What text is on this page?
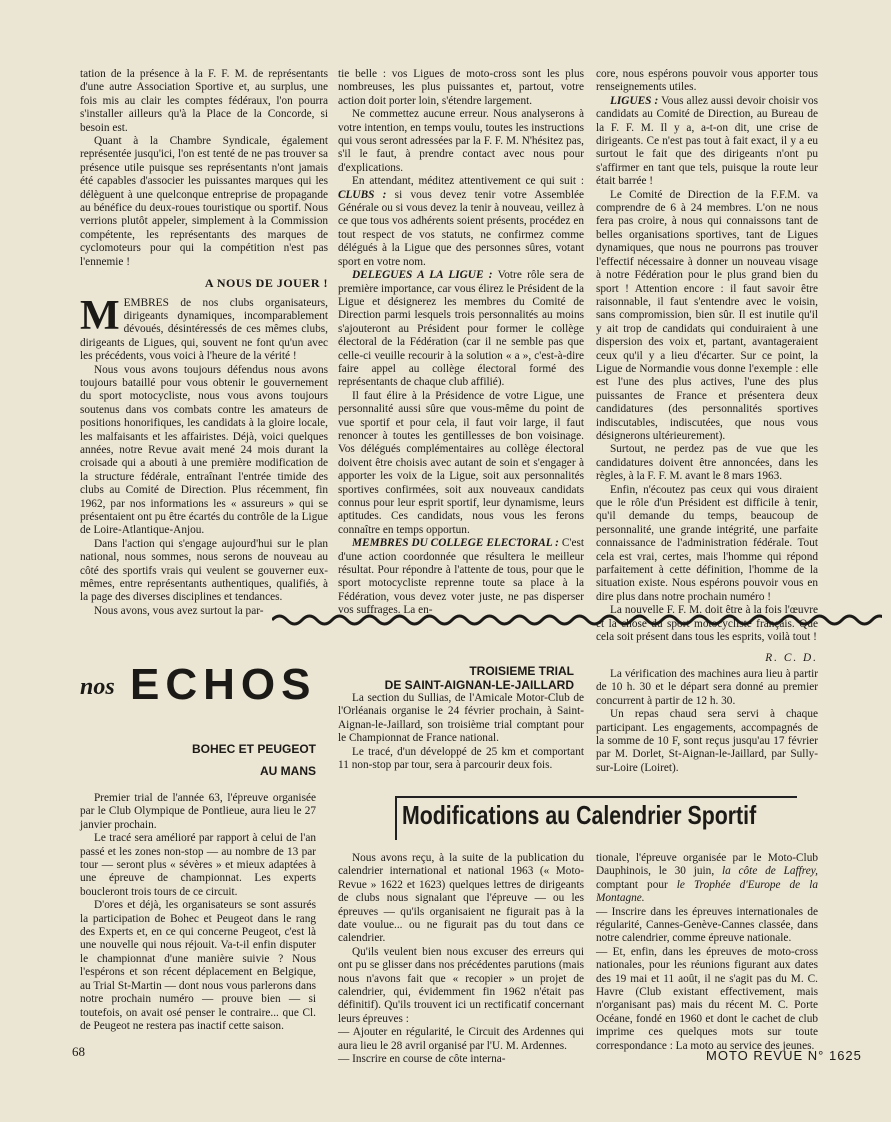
tation de la présence à la F. F. M. de représentants d'une autre Association Sportive et, au surplus, une fois mis au clair les comptes fédéraux, l'on pourra s'installer ailleurs qu'à la Place de la Concorde, si besoin est.

Quant à la Chambre Syndicale, également représentée jusqu'ici, l'on est tenté de ne pas trouver sa présence utile puisque ses représentants n'ont jamais été capables d'associer les puissantes marques qui les délèguent à une quelconque entreprise de propagande au bénéfice du deux-roues touristique ou sportif. Nous verrions plutôt appeler, simplement à la Commission compétente, les représentants des marques de cyclomoteurs pour qui la compétition n'est pas l'ennemie !

A NOUS DE JOUER !

MEMBRES de nos clubs organisateurs, dirigeants dynamiques, incomparablement dévoués, désintéressés de ces mêmes clubs, dirigeants de Ligues, qui, souvent ne font qu'un avec les précédents, vous voici à l'heure de la vérité !

Nous vous avons toujours défendus nous avons toujours bataillé pour vous obtenir le gouvernement du sport motocycliste, nous vous avons toujours soutenus dans vos combats contre les amateurs de positions honorifiques, les candidats à la gloire locale, les malfaisants et les affairistes. Déjà, voici quelques années, notre Revue avait mené 24 mois durant la croisade qui a abouti à une première modification de la structure fédérale, entraînant l'entrée timide des clubs au Comité de Direction. Plus récemment, fin 1962, par nos informations les « assureurs » qui se présentaient ont pu être écartés du contrôle de la Ligue de Loire-Atlantique-Anjou.

Dans l'action qui s'engage aujourd'hui sur le plan national, nous sommes, nous serons de nouveau au côté des sportifs vrais qui veulent se gouverner eux-mêmes, entre représentants authentiques, qualifiés, à la page des diverses disciplines et tendances.

Nous avons, vous avez surtout la par-

tie belle : vos Ligues de moto-cross sont les plus nombreuses, les plus puissantes et, partout, votre action doit porter loin, s'étendre largement.

Ne commettez aucune erreur. Nous analyserons à votre intention, en temps voulu, toutes les instructions qui vous seront adressées par la F. F. M. N'hésitez pas, s'il le faut, à prendre contact avec nous pour d'explications.

En attendant, méditez attentivement ce qui suit : CLUBS : si vous devez tenir votre Assemblée Générale ou si vous devez la tenir à nouveau, veillez à ce que tous vos adhérents soient présents, procédez en tout respect de vos statuts, ne confirmez comme délégués à la Ligue que des personnes sûres, votant sport en votre nom.

DELEGUES A LA LIGUE : Votre rôle sera de première importance, car vous élirez le Président de la Ligue et désignerez les membres du Comité de Direction parmi lesquels trois personnalités au moins s'ajouteront au Président pour former le collège électoral de la Fédération (car il ne semble pas que celle-ci veuille recourir à la solution « a », c'est-à-dire faire appel au collège électoral formé des représentants de chaque club affilié).

Il faut élire à la Présidence de votre Ligue, une personnalité aussi sûre que vous-même du point de vue sportif et pour cela, il faut voir large, il faut renoncer à toutes les gentillesses de bon voisinage. Vos délégués complémentaires au collège électoral doivent être choisis avec autant de soin et s'engager à apporter les voix de la Ligue, soit aux personnalités sportives confirmées, soit aux nouveaux candidats connus pour leur esprit sportif, leur dynamisme, leurs aptitudes. Ces candidats, nous vous les ferons connaître en temps opportun.

MEMBRES DU COLLEGE ELECTORAL : C'est d'une action coordonnée que résultera le meilleur résultat. Pour répondre à l'attente de tous, pour que le sport motocycliste reprenne toute sa place à la Fédération, vous devez voter juste, ne pas disperser vos suffrages. La en-

core, nous espérons pouvoir vous apporter tous renseignements utiles.

LIGUES : Vous allez aussi devoir choisir vos candidats au Comité de Direction, au Bureau de la F. F. M. Il y a, a-t-on dit, une crise de dirigeants. Ce n'est pas tout à fait exact, il y a eu surtout le fait que des dirigeants n'ont pu s'affirmer en tant que tels, puisque la route leur était barrée !

Le Comité de Direction de la F.F.M. va comprendre de 6 à 24 membres. L'on ne nous fera pas croire, à nous qui connaissons tant de belles organisations sportives, tant de Ligues dynamiques, que nous ne pourrons pas trouver l'effectif nécessaire à donner un nouveau visage à notre Fédération pour le plus grand bien du sport ! Attention encore : il faut savoir être raisonnable, il faut s'entendre avec le voisin, sans compromission, bien sûr. Il est inutile qu'il y ait trop de candidats qui conduiraient à une dispersion des voix et, partant, avantageraient ceux qu'il y a lieu d'écarter. Sur ce point, la Ligue de Normandie vous donne l'exemple : elle est l'une des plus actives, l'une des plus puissantes de France et présentera deux candidatures (des personnalités sportives indiscutables, indiscutées, que nous vous désignerons ultérieurement).

Surtout, ne perdez pas de vue que les candidatures doivent être annoncées, dans les règles, à la F. F. M. avant le 8 mars 1963.

Enfin, n'écoutez pas ceux qui vous diraient que le rôle d'un Président est difficile à tenir, qu'il demande du temps, beaucoup de personnalité, une grande intégrité, une parfaite connaissance de l'administration fédérale. Tout cela est vrai, certes, mais l'homme qui répond parfaitement à cette définition, l'homme de la situation existe. Nous espérons pouvoir vous en dire plus dans notre prochain numéro !

La nouvelle F. F. M. doit être à la fois l'œuvre et la chose du sport motocycliste français. Que cela soit présent dans tous les esprits, voilà tout !

R. C. D.
nos ECHOS
BOHEC ET PEUGEOT
AU MANS

Premier trial de l'année 63, l'épreuve organisée par le Club Olympique de Pontlieue, aura lieu le 27 janvier prochain.

Le tracé sera amélioré par rapport à celui de l'an passé et les zones non-stop — au nombre de 13 par tour — seront plus « sévères » et mieux adaptées à une épreuve de championnat. Les experts boucleront trois tours de ce circuit.

D'ores et déjà, les organisateurs se sont assurés la participation de Bohec et Peugeot dans le rang des Experts et, en ce qui concerne Peugeot, c'est là une nouvelle qui nous réjouit. Va-t-il enfin disputer le championnat d'une manière suivie ? Nous l'espérons et son récent déplacement en Belgique, au Trial St-Martin — dont nous vous parlerons dans notre prochain numéro — prouve bien — si toutefois, on avait osé penser le contraire... que Cl. de Peugeot ne restera pas inactif cette saison.

TROISIEME TRIAL
DE SAINT-AIGNAN-LE-JAILLARD

La section du Sullias, de l'Amicale Motor-Club de l'Orléanais organise le 24 février prochain, à Saint-Aignan-le-Jaillard, son troisième trial comptant pour le Championnat de France national.

Le tracé, d'un développé de 25 km et comportant 11 non-stop par tour, sera à parcourir deux fois.

La vérification des machines aura lieu à partir de 10 h. 30 et le départ sera donné au premier concurrent à partir de 12 h. 30.

Un repas chaud sera servi à chaque participant. Les engagements, accompagnés de la somme de 10 F, sont reçus jusqu'au 17 février par M. Dorlet, St-Aignan-le-Jaillard, par Sully-sur-Loire (Loiret).

Modifications au Calendrier Sportif

Nous avons reçu, à la suite de la publication du calendrier international et national 1963 (« Moto-Revue » 1622 et 1623) quelques lettres de dirigeants de clubs nous signalant que l'épreuve — ou les épreuves — qu'ils organisaient ne figurait pas à la date voulue... ou ne figurait pas du tout dans ce calendrier.

Qu'ils veulent bien nous excuser des erreurs qui ont pu se glisser dans nos précédentes parutions (mais nous n'avons fait que « recopier » un projet de calendrier, qui, évidemment fin 1962 n'était pas définitif). Qu'ils trouvent ici un rectificatif concernant leurs épreuves :

— Ajouter en régularité, le Circuit des Ardennes qui aura lieu le 28 avril organisé par l'U. M. Ardennes.

— Inscrire en course de côte interna-

tionale, l'épreuve organisée par le Moto-Club Dauphinois, le 30 juin, la côte de Laffrey, comptant pour le Trophée d'Europe de la Montagne.

— Inscrire dans les épreuves internationales de régularité, Cannes-Genève-Cannes classée, dans notre calendrier, comme épreuve nationale.

— Et, enfin, dans les épreuves de moto-cross nationales, pour les réunions figurant aux dates des 19 mai et 11 août, il ne s'agit pas du M. C. Havre (Club existant effectivement, mais n'organisant pas) mais du récent M. C. Porte Océane, fondé en 1960 et dont le cachet de club imprime ces quelques mots sur toute correspondance : La moto au service des jeunes.

68	MOTO REVUE N° 1625
